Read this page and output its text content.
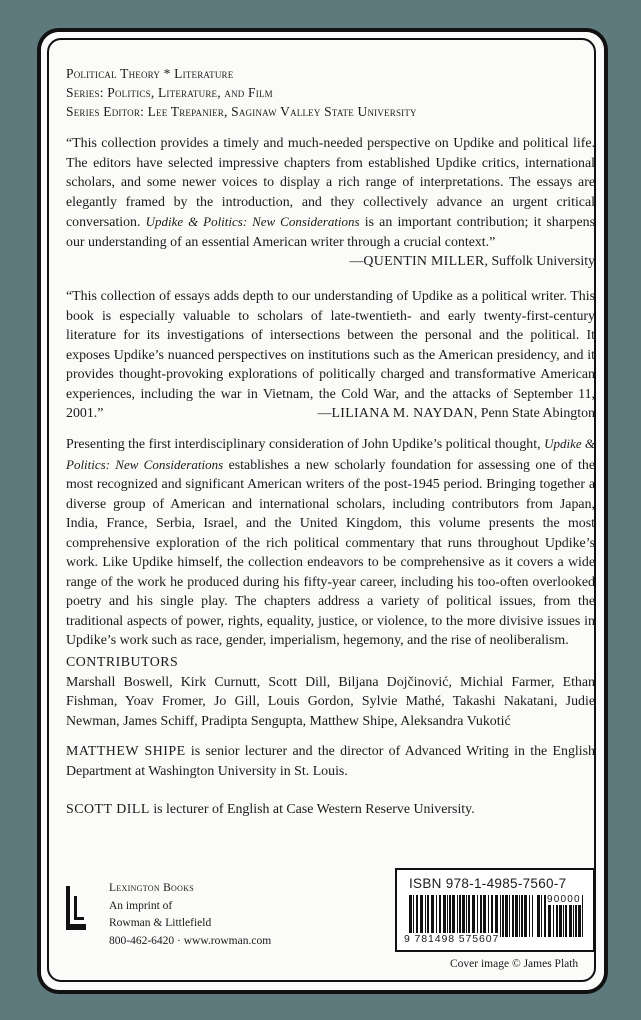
Political Theory * Literature
Series: Politics, Literature, and Film
Series Editor: Lee Trepanier, Saginaw Valley State University
“This collection provides a timely and much-needed perspective on Updike and political life. The editors have selected impressive chapters from established Updike critics, international scholars, and some newer voices to display a rich range of interpretations. The essays are elegantly framed by the introduction, and they collectively advance an urgent critical conversation. Updike & Politics: New Considerations is an important contribution; it sharpens our understanding of an essential American writer through a crucial context.”
—QUENTIN MILLER, Suffolk University
“This collection of essays adds depth to our understanding of Updike as a political writer. This book is especially valuable to scholars of late-twentieth- and early twenty-first-century literature for its investigations of intersections between the personal and the political. It exposes Updike’s nuanced perspectives on institutions such as the American presidency, and it provides thought-provoking explorations of politically charged and transformative American experiences, including the war in Vietnam, the Cold War, and the attacks of September 11, 2001.”	—LILIANA M. NAYDAN, Penn State Abington
Presenting the first interdisciplinary consideration of John Updike’s political thought, Updike & Politics: New Considerations establishes a new scholarly foundation for assessing one of the most recognized and significant American writers of the post-1945 period. Bringing together a diverse group of American and international scholars, including contributors from Japan, India, France, Serbia, Israel, and the United Kingdom, this volume presents the most comprehensive exploration of the rich political commentary that runs throughout Updike’s work. Like Updike himself, the collection endeavors to be comprehensive as it covers a wide range of the work he produced during his fifty-year career, including his too-often overlooked poetry and his single play. The chapters address a variety of political issues, from the traditional aspects of power, rights, equality, justice, or violence, to the more divisive issues in Updike’s work such as race, gender, imperialism, hegemony, and the rise of neoliberalism.
CONTRIBUTORS
Marshall Boswell, Kirk Curnutt, Scott Dill, Biljana Dojčinović, Michial Farmer, Ethan Fishman, Yoav Fromer, Jo Gill, Louis Gordon, Sylvie Mathé, Takashi Nakatani, Judie Newman, James Schiff, Pradipta Sengupta, Matthew Shipe, Aleksandra Vukotić
MATTHEW SHIPE is senior lecturer and the director of Advanced Writing in the English Department at Washington University in St. Louis.
SCOTT DILL is lecturer of English at Case Western Reserve University.
Lexington Books
An imprint of
Rowman & Littlefield
800-462-6420 · www.rowman.com
ISBN 978-1-4985-7560-7
90000
9 781498 575607
Cover image © James Plath
